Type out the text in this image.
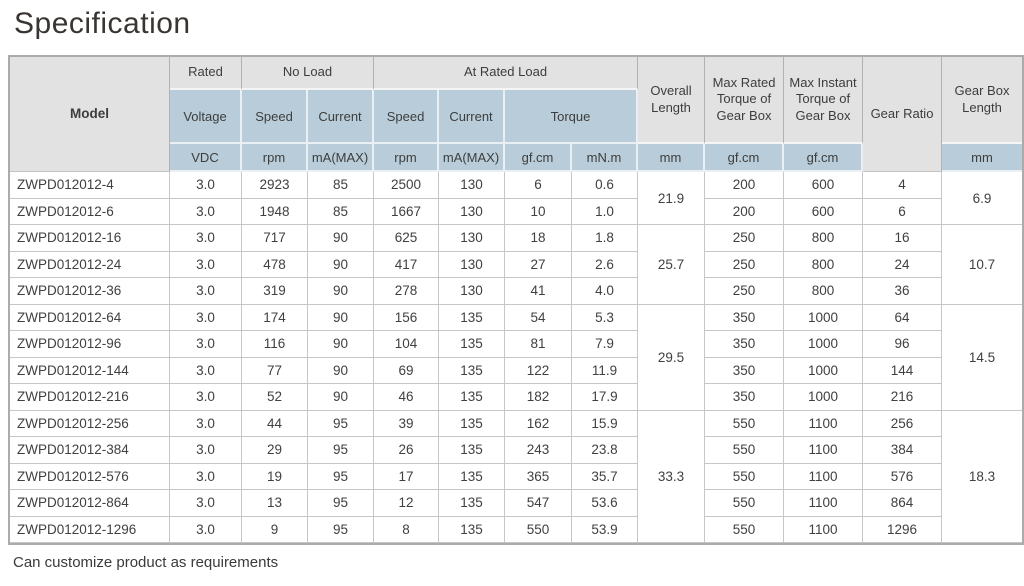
Specification
Model	Rated	No Load		At Rated Load				Overall Length	Max Rated Torque of Gear Box	Max Instant Torque of Gear Box	Gear Ratio	Gear Box Length
	Voltage	Speed	Current	Speed	Current	Torque						
	VDC	rpm	mA(MAX)	rpm	mA(MAX)	gf.cm	mN.m	mm	gf.cm	gf.cm		mm
ZWPD012012-4	3.0	2923	85	2500	130	6	0.6	21.9	200	600	4	6.9
ZWPD012012-6	3.0	1948	85	1667	130	10	1.0		200	600	6	
ZWPD012012-16	3.0	717	90	625	130	18	1.8	25.7	250	800	16	10.7
ZWPD012012-24	3.0	478	90	417	130	27	2.6		250	800	24	
ZWPD012012-36	3.0	319	90	278	130	41	4.0		250	800	36	
ZWPD012012-64	3.0	174	90	156	135	54	5.3	29.5	350	1000	64	14.5
ZWPD012012-96	3.0	116	90	104	135	81	7.9		350	1000	96	
ZWPD012012-144	3.0	77	90	69	135	122	11.9		350	1000	144	
ZWPD012012-216	3.0	52	90	46	135	182	17.9		350	1000	216	
ZWPD012012-256	3.0	44	95	39	135	162	15.9	33.3	550	1100	256	18.3
ZWPD012012-384	3.0	29	95	26	135	243	23.8		550	1100	384	
ZWPD012012-576	3.0	19	95	17	135	365	35.7		550	1100	576	
ZWPD012012-864	3.0	13	95	12	135	547	53.6		550	1100	864	
ZWPD012012-1296	3.0	9	95	8	135	550	53.9		550	1100	1296	

Can customize product as requirements
